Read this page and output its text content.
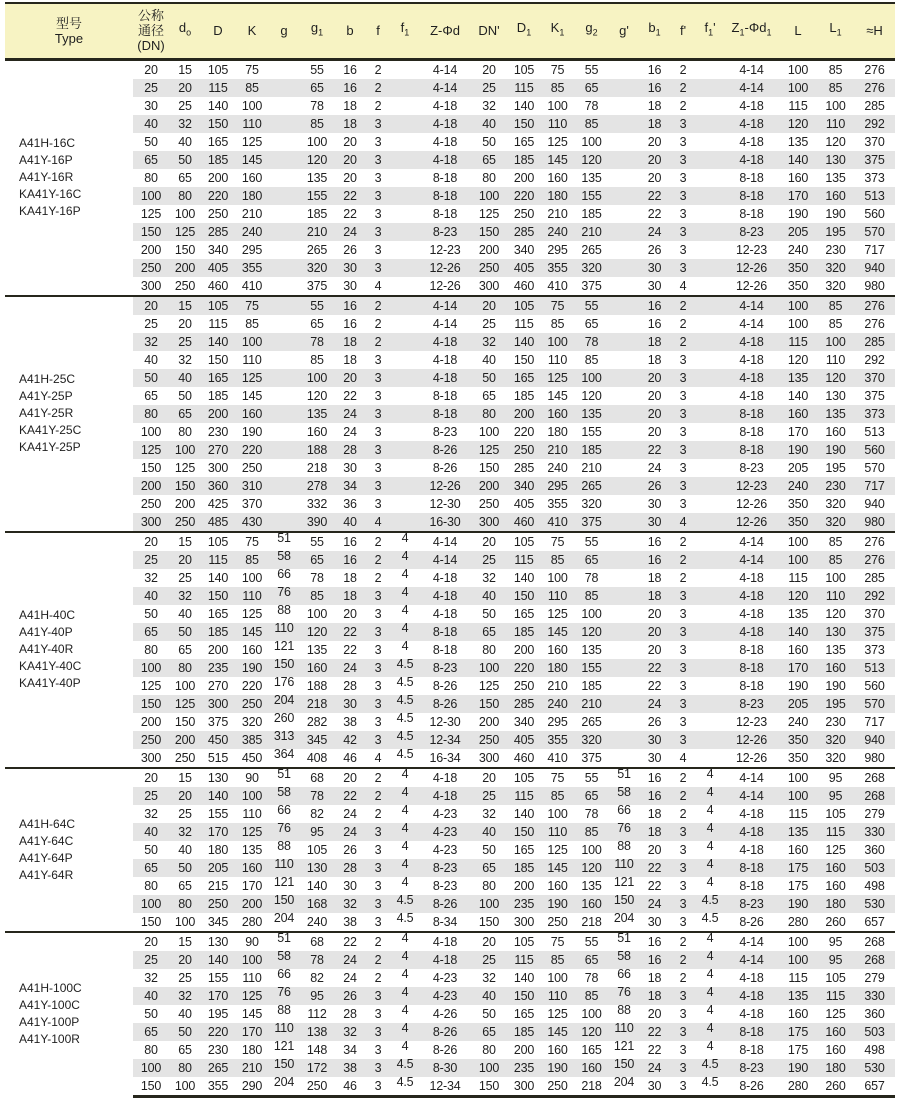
型号
Type	公称
通径
(DN)	$d_o$	D	K	g	$g_1$	b	f	$f_1$	Z-Φd	DN'	$D_1$	$K_1$	$g_2$	g'	$b_1$	f'	$f_1'$	$Z_1-\Phi d_1$	L	$L_1$	≈H

A41H-16C
A41Y-16P
A41Y-16R
KA41Y-16C
KA41Y-16P	20	15	105	75		55	16	2		4-14	20	105	75	55		16	2		4-14	100	85	276
	25	20	115	85		65	16	2		4-14	25	115	85	65		16	2		4-14	100	85	276
	30	25	140	100		78	18	2		4-18	32	140	100	78		18	2		4-18	115	100	285
	40	32	150	110		85	18	3		4-18	40	150	110	85		18	3		4-18	120	110	292
	50	40	165	125		100	20	3		4-18	50	165	125	100		20	3		4-18	135	120	370
	65	50	185	145		120	20	3		4-18	65	185	145	120		20	3		4-18	140	130	375
	80	65	200	160		135	20	3		8-18	80	200	160	135		20	3		8-18	160	135	373
	100	80	220	180		155	22	3		8-18	100	220	180	155		22	3		8-18	170	160	513
	125	100	250	210		185	22	3		8-18	125	250	210	185		22	3		8-18	190	190	560
	150	125	285	240		210	24	3		8-23	150	285	240	210		24	3		8-23	205	195	570
	200	150	340	295		265	26	3		12-23	200	340	295	265		26	3		12-23	240	230	717
	250	200	405	355		320	30	3		12-26	250	405	355	320		30	3		12-26	350	320	940
	300	250	460	410		375	30	4		12-26	300	460	410	375		30	4		12-26	350	320	980

A41H-25C
A41Y-25P
A41Y-25R
KA41Y-25C
KA41Y-25P	20	15	105	75		55	16	2		4-14	20	105	75	55		16	2		4-14	100	85	276
	25	20	115	85		65	16	2		4-14	25	115	85	65		16	2		4-14	100	85	276
	32	25	140	100		78	18	2		4-18	32	140	100	78		18	2		4-18	115	100	285
	40	32	150	110		85	18	3		4-18	40	150	110	85		18	3		4-18	120	110	292
	50	40	165	125		100	20	3		4-18	50	165	125	100		20	3		4-18	135	120	370
	65	50	185	145		120	22	3		8-18	65	185	145	120		20	3		4-18	140	130	375
	80	65	200	160		135	24	3		8-18	80	200	160	135		20	3		8-18	160	135	373
	100	80	230	190		160	24	3		8-23	100	220	180	155		20	3		8-18	170	160	513
	125	100	270	220		188	28	3		8-26	125	250	210	185		22	3		8-18	190	190	560
	150	125	300	250		218	30	3		8-26	150	285	240	210		24	3		8-23	205	195	570
	200	150	360	310		278	34	3		12-26	200	340	295	265		26	3		12-23	240	230	717
	250	200	425	370		332	36	3		12-30	250	405	355	320		30	3		12-26	350	320	940
	300	250	485	430		390	40	4		16-30	300	460	410	375		30	4		12-26	350	320	980

A41H-40C
A41Y-40P
A41Y-40R
KA41Y-40C
KA41Y-40P	20	15	105	75	51	55	16	2	4	4-14	20	105	75	55		16	2		4-14	100	85	276
	25	20	115	85	58	65	16	2	4	4-14	25	115	85	65		16	2		4-14	100	85	276
	32	25	140	100	66	78	18	2	4	4-18	32	140	100	78		18	2		4-18	115	100	285
	40	32	150	110	76	85	18	3	4	4-18	40	150	110	85		18	3		4-18	120	110	292
	50	40	165	125	88	100	20	3	4	4-18	50	165	125	100		20	3		4-18	135	120	370
	65	50	185	145	110	120	22	3	4	8-18	65	185	145	120		20	3		4-18	140	130	375
	80	65	200	160	121	135	22	3	4	8-18	80	200	160	135		20	3		8-18	160	135	373
	100	80	235	190	150	160	24	3	4.5	8-23	100	220	180	155		22	3		8-18	170	160	513
	125	100	270	220	176	188	28	3	4.5	8-26	125	250	210	185		22	3		8-18	190	190	560
	150	125	300	250	204	218	30	3	4.5	8-26	150	285	240	210		24	3		8-23	205	195	570
	200	150	375	320	260	282	38	3	4.5	12-30	200	340	295	265		26	3		12-23	240	230	717
	250	200	450	385	313	345	42	3	4.5	12-34	250	405	355	320		30	3		12-26	350	320	940
	300	250	515	450	364	408	46	4	4.5	16-34	300	460	410	375		30	4		12-26	350	320	980

A41H-64C
A41Y-64C
A41Y-64P
A41Y-64R	20	15	130	90	51	68	20	2	4	4-18	20	105	75	55	51	16	2	4	4-14	100	95	268
	25	20	140	100	58	78	22	2	4	4-18	25	115	85	65	58	16	2	4	4-14	100	95	268
	32	25	155	110	66	82	24	2	4	4-23	32	140	100	78	66	18	2	4	4-18	115	105	279
	40	32	170	125	76	95	24	3	4	4-23	40	150	110	85	76	18	3	4	4-18	135	115	330
	50	40	180	135	88	105	26	3	4	4-23	50	165	125	100	88	20	3	4	4-18	160	125	360
	65	50	205	160	110	130	28	3	4	8-23	65	185	145	120	110	22	3	4	8-18	175	160	503
	80	65	215	170	121	140	30	3	4	8-23	80	200	160	135	121	22	3	4	8-18	175	160	498
	100	80	250	200	150	168	32	3	4.5	8-26	100	235	190	160	150	24	3	4.5	8-23	190	180	530
	150	100	345	280	204	240	38	3	4.5	8-34	150	300	250	218	204	30	3	4.5	8-26	280	260	657

A41H-100C
A41Y-100C
A41Y-100P
A41Y-100R	20	15	130	90	51	68	22	2	4	4-18	20	105	75	55	51	16	2	4	4-14	100	95	268
	25	20	140	100	58	78	24	2	4	4-18	25	115	85	65	58	16	2	4	4-14	100	95	268
	32	25	155	110	66	82	24	2	4	4-23	32	140	100	78	66	18	2	4	4-18	115	105	279
	40	32	170	125	76	95	26	3	4	4-23	40	150	110	85	76	18	3	4	4-18	135	115	330
	50	40	195	145	88	112	28	3	4	4-26	50	165	125	100	88	20	3	4	4-18	160	125	360
	65	50	220	170	110	138	32	3	4	8-26	65	185	145	120	110	22	3	4	8-18	175	160	503
	80	65	230	180	121	148	34	3	4	8-26	80	200	160	165	121	22	3	4	8-18	175	160	498
	100	80	265	210	150	172	38	3	4.5	8-30	100	235	190	160	150	24	3	4.5	8-23	190	180	530
	150	100	355	290	204	250	46	3	4.5	12-34	150	300	250	218	204	30	3	4.5	8-26	280	260	657
